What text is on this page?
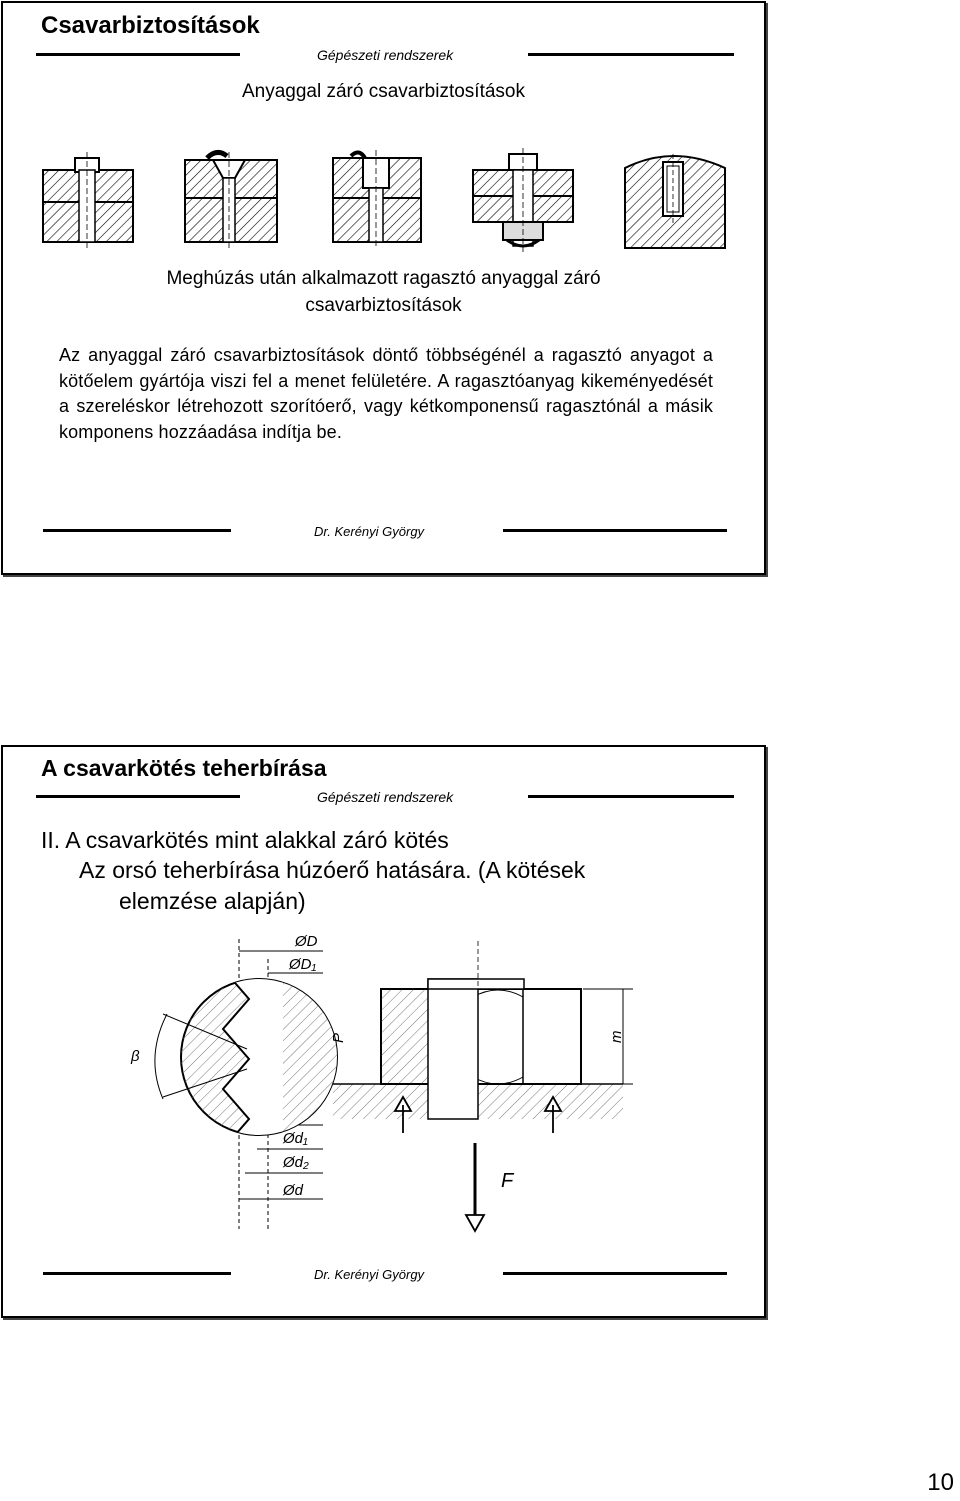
Csavarbiztosítások
Gépészeti rendszerek
Anyaggal záró csavarbiztosítások
Meghúzás után alkalmazott ragasztó anyaggal záró
csavarbiztosítások
Az anyaggal záró csavarbiztosítások döntő többségénél a ragasztó anyagot a kötőelem gyártója viszi fel a menet felületére. A ragasztóanyag kikeményedését a szereléskor létrehozott szorítóerő, vagy kétkomponensű ragasztónál a másik komponens hozzáadása indítja be.
Dr. Kerényi György
A csavarkötés teherbírása
Gépészeti rendszerek
II. A csavarkötés mint alakkal záró kötés
Az orsó teherbírása húzóerő hatására. (A kötések
elemzése alapján)
ØD
ØD₁
Ød₁
Ød₂
Ød
β
P	m
F
Dr. Kerényi György
10
